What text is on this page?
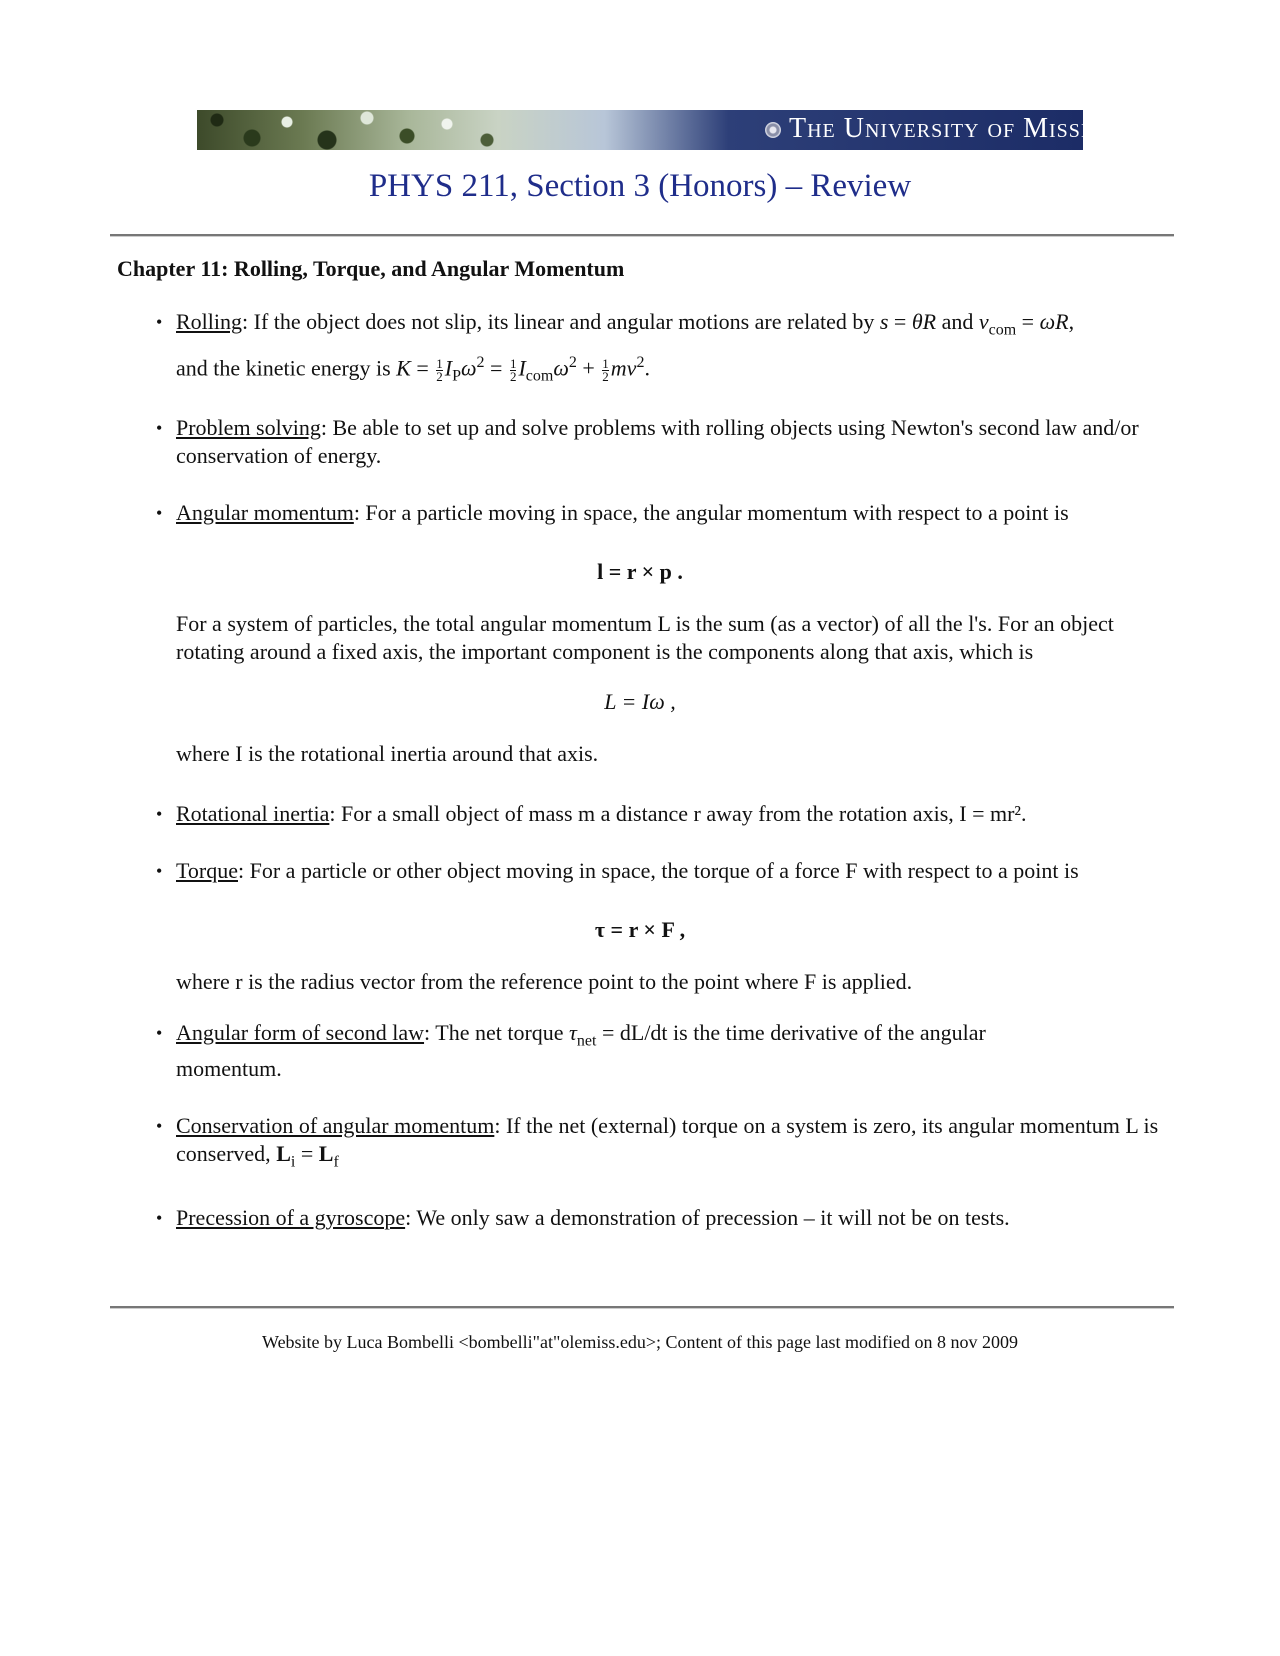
The University of Mississippi
PHYS 211, Section 3 (Honors) – Review
Chapter 11: Rolling, Torque, and Angular Momentum
• Rolling: If the object does not slip, its linear and angular motions are related by s = θR and $v_{com} = \omega R$,
and the kinetic energy is $K = \frac{1}{2} I_P\omega^2 = \frac{1}{2} I_{com}\omega^2 + \frac{1}{2} mv^2$.
• Problem solving: Be able to set up and solve problems with rolling objects using Newton's second law and/or conservation of energy.
• Angular momentum: For a particle moving in space, the angular momentum with respect to a point is
l = r × p .
For a system of particles, the total angular momentum L is the sum (as a vector) of all the l's. For an object rotating around a fixed axis, the important component is the components along that axis, which is
L = Iω ,
where I is the rotational inertia around that axis.
• Rotational inertia: For a small object of mass m a distance r away from the rotation axis, I = mr².
• Torque: For a particle or other object moving in space, the torque of a force F with respect to a point is
τ = r × F ,
where r is the radius vector from the reference point to the point where F is applied.
• Angular form of second law: The net torque $\tau_{net} = dL/dt$ is the time derivative of the angular
momentum.
• Conservation of angular momentum: If the net (external) torque on a system is zero, its angular momentum L is conserved, $L_i = L_f$
• Precession of a gyroscope: We only saw a demonstration of precession – it will not be on tests.
Website by Luca Bombelli <bombelli"at"olemiss.edu>; Content of this page last modified on 8 nov 2009
